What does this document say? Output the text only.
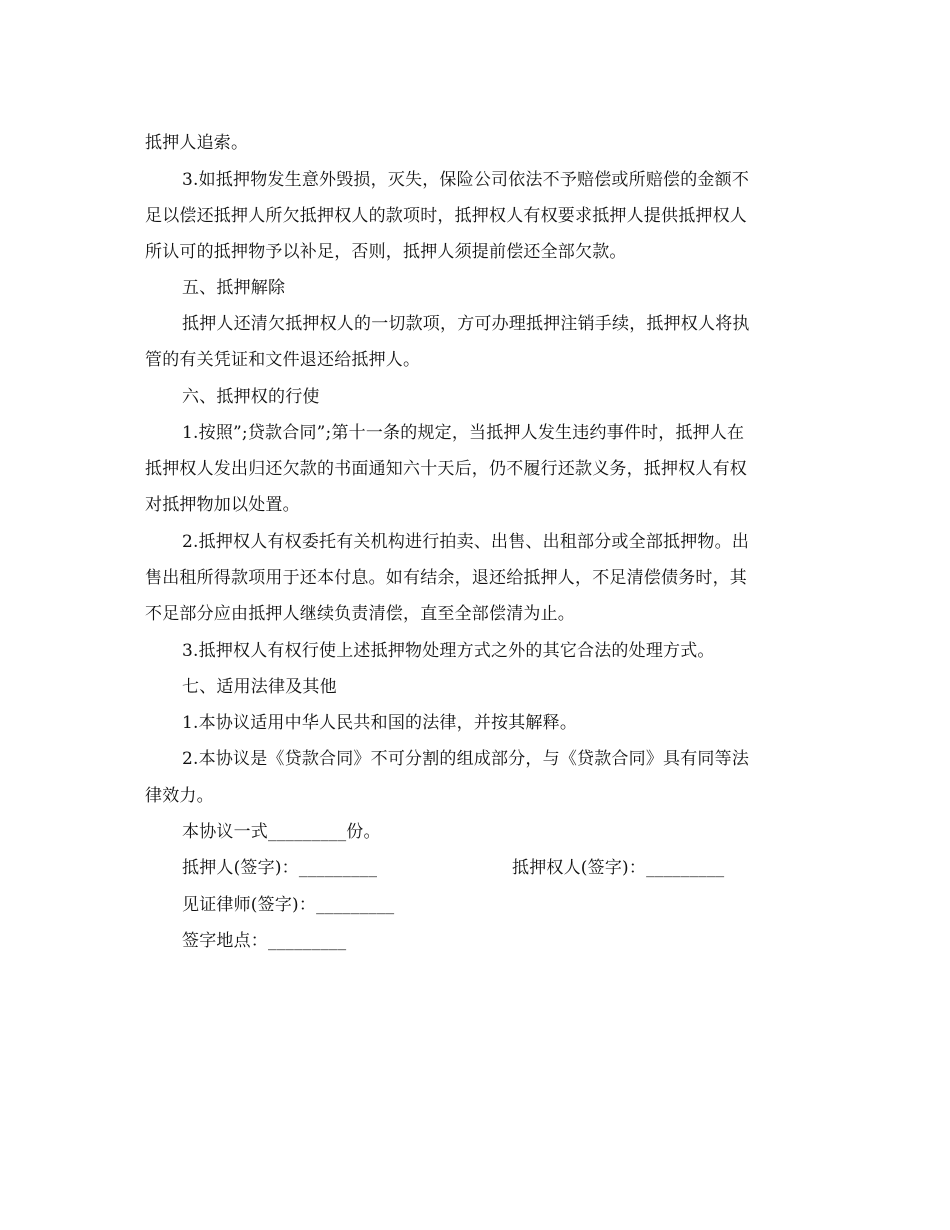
抵押人追索。
3.如抵押物发生意外毁损，灭失，保险公司依法不予赔偿或所赔偿的金额不
足以偿还抵押人所欠抵押权人的款项时，抵押权人有权要求抵押人提供抵押权人
所认可的抵押物予以补足，否则，抵押人须提前偿还全部欠款。
五、抵押解除
抵押人还清欠抵押权人的一切款项，方可办理抵押注销手续，抵押权人将执
管的有关凭证和文件退还给抵押人。
六、抵押权的行使
1.按照”;贷款合同”;第十一条的规定，当抵押人发生违约事件时，抵押人在
抵押权人发出归还欠款的书面通知六十天后，仍不履行还款义务，抵押权人有权
对抵押物加以处置。
2.抵押权人有权委托有关机构进行拍卖、出售、出租部分或全部抵押物。出
售出租所得款项用于还本付息。如有结余，退还给抵押人，不足清偿债务时，其
不足部分应由抵押人继续负责清偿，直至全部偿清为止。
3.抵押权人有权行使上述抵押物处理方式之外的其它合法的处理方式。
七、适用法律及其他
1.本协议适用中华人民共和国的法律，并按其解释。
2.本协议是《贷款合同》不可分割的组成部分，与《贷款合同》具有同等法
律效力。
本协议一式_________份。
抵押人(签字)：_________	抵押权人(签字)：_________
见证律师(签字)：_________
签字地点：_________
